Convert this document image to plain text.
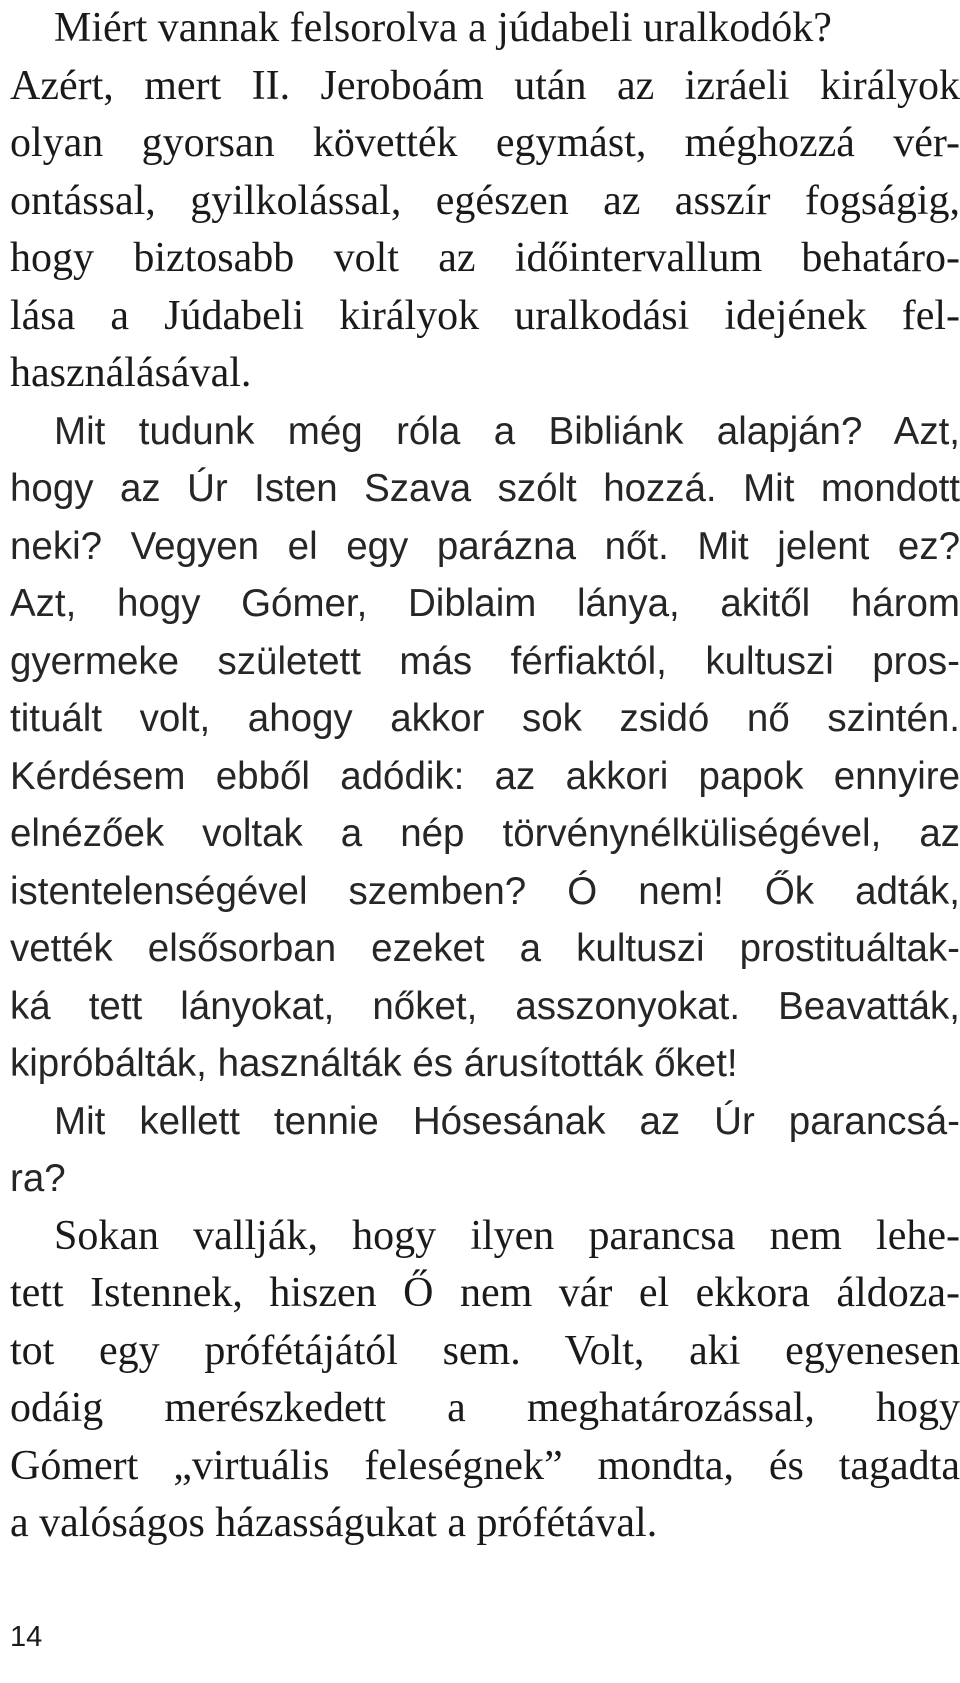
Miért vannak felsorolva a júdabeli uralkodók?
Azért, mert II. Jeroboám után az izráeli királyok
olyan gyorsan követték egymást, méghozzá vér-
ontással, gyilkolással, egészen az asszír fogságig,
hogy biztosabb volt az időintervallum behatáro-
lása a Júdabeli királyok uralkodási idejének fel-
használásával.
Mit tudunk még róla a Bibliánk alapján? Azt,
hogy az Úr Isten Szava szólt hozzá. Mit mondott
neki? Vegyen el egy parázna nőt. Mit jelent ez?
Azt, hogy Gómer, Diblaim lánya, akitől három
gyermeke született más férfiaktól, kultuszi pros-
tituált volt, ahogy akkor sok zsidó nő szintén.
Kérdésem ebből adódik: az akkori papok ennyire
elnézőek voltak a nép törvénynélküliségével, az
istentelenségével szemben? Ó nem! Ők adták,
vették elsősorban ezeket a kultuszi prostituáltak-
ká tett lányokat, nőket, asszonyokat. Beavatták,
kipróbálták, használták és árusították őket!
Mit kellett tennie Hósesának az Úr parancsá-
ra?
Sokan vallják, hogy ilyen parancsa nem lehe-
tett Istennek, hiszen Ő nem vár el ekkora áldoza-
tot egy prófétájától sem. Volt, aki egyenesen
odáig merészkedett a meghatározással, hogy
Gómert „virtuális feleségnek” mondta, és tagadta
a valóságos házasságukat a prófétával.
14
